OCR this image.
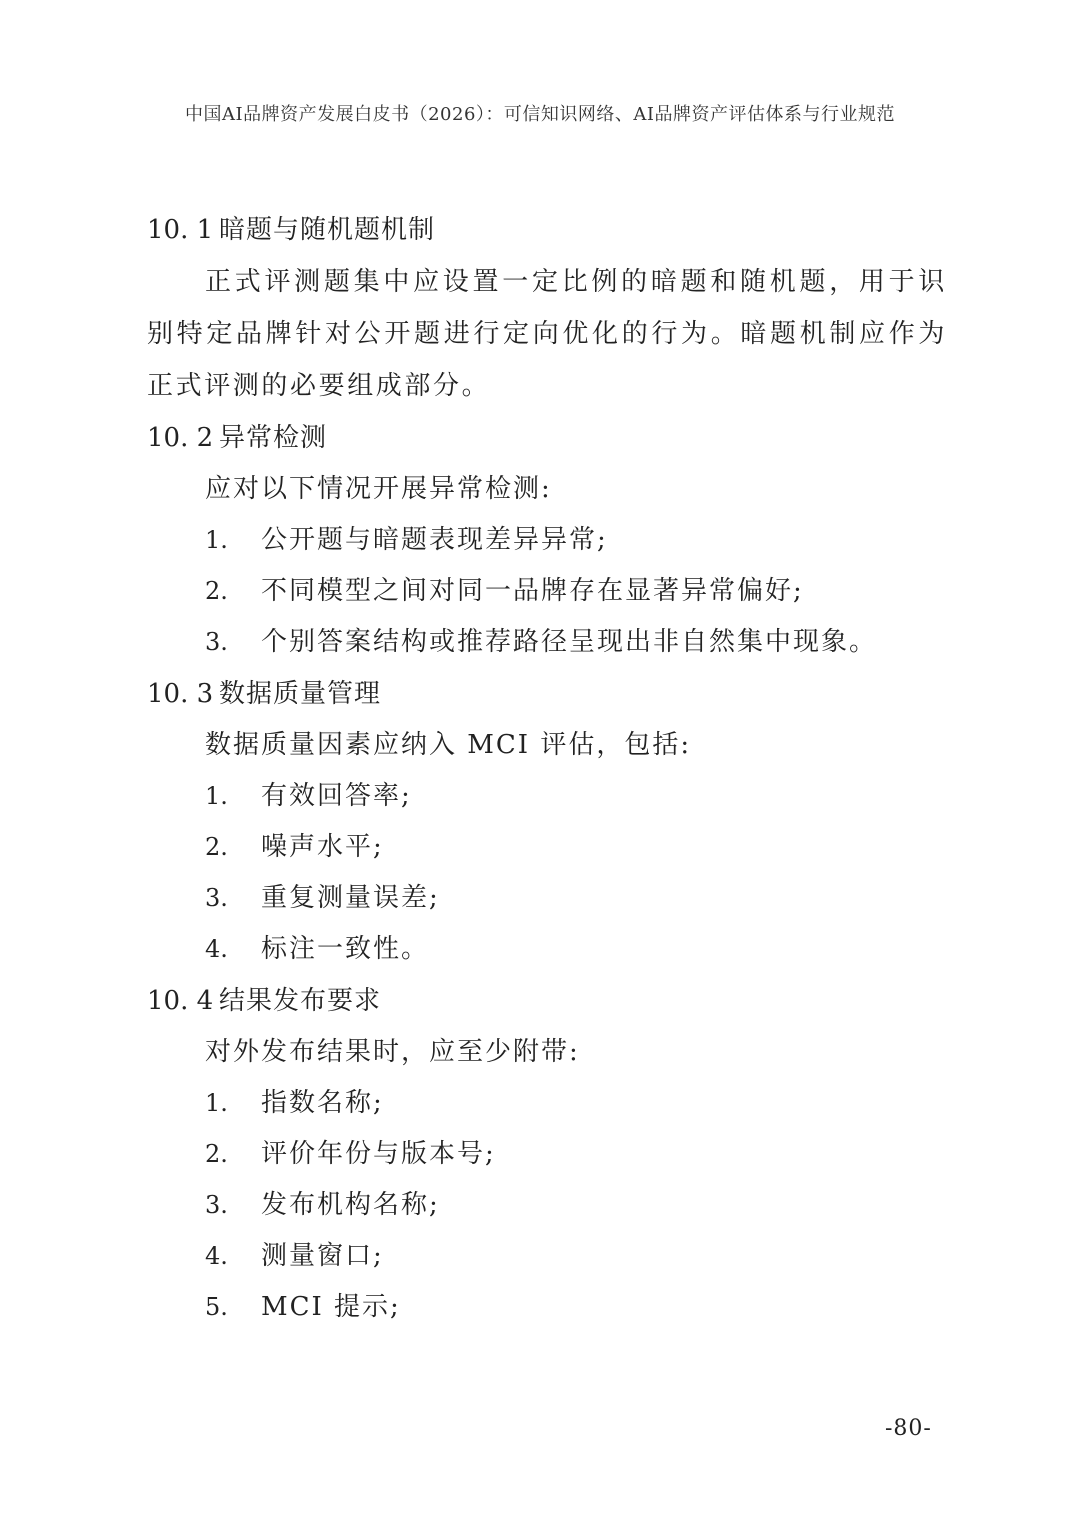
中国AI品牌资产发展白皮书（2026）：可信知识网络、AI品牌资产评估体系与行业规范
10. 1 暗题与随机题机制
正式评测题集中应设置一定比例的暗题和随机题，用于识别特定品牌针对公开题进行定向优化的行为。暗题机制应作为正式评测的必要组成部分。
10. 2 异常检测
应对以下情况开展异常检测:
1. 公开题与暗题表现差异异常;
2. 不同模型之间对同一品牌存在显著异常偏好;
3. 个别答案结构或推荐路径呈现出非自然集中现象。
10. 3 数据质量管理
数据质量因素应纳入 MCI 评估，包括:
1. 有效回答率;
2. 噪声水平;
3. 重复测量误差;
4. 标注一致性。
10. 4 结果发布要求
对外发布结果时，应至少附带:
1. 指数名称;
2. 评价年份与版本号;
3. 发布机构名称;
4. 测量窗口;
5. MCI 提示;
-80-
